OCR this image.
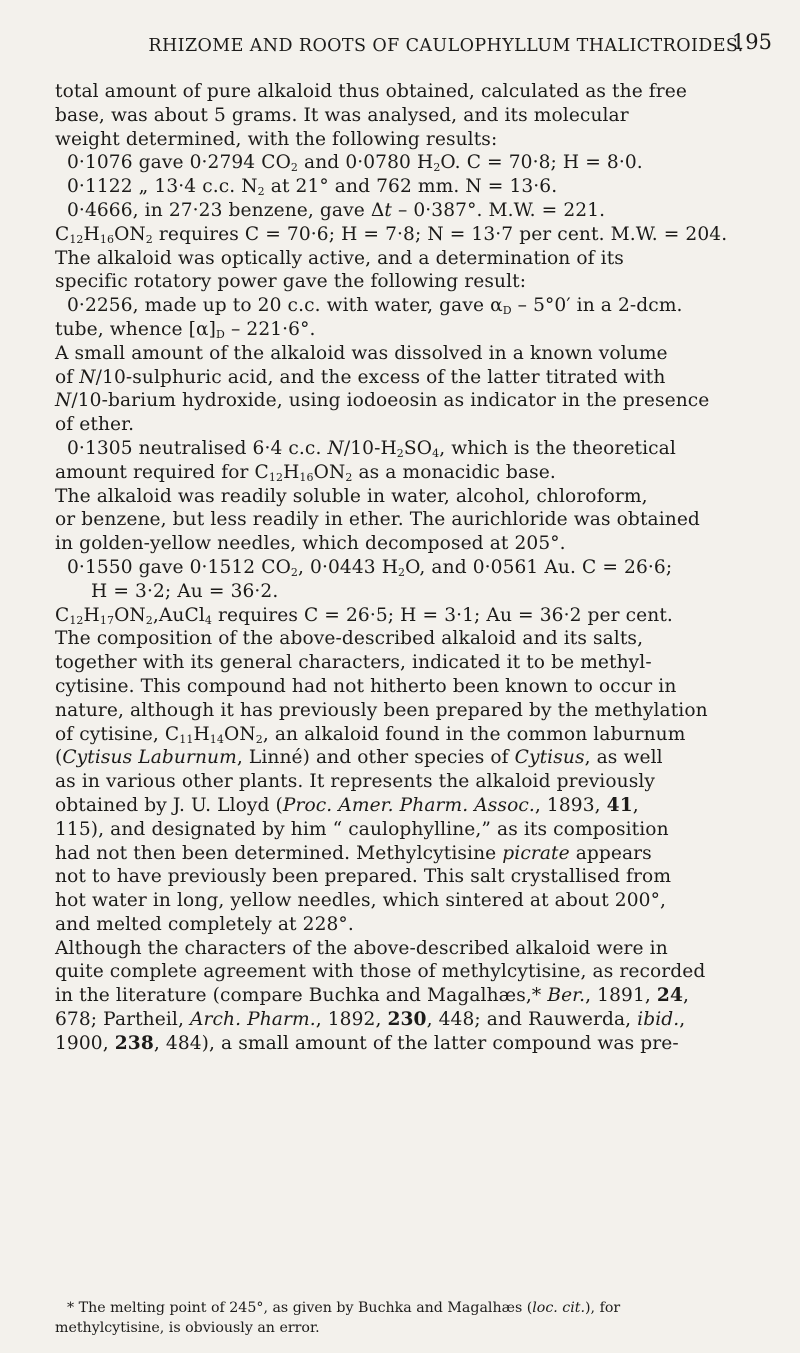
RHIZOME AND ROOTS OF CAULOPHYLLUM THALICTROIDES.
195

total amount of pure alkaloid thus obtained, calculated as the free

base, was about 5 grams. It was analysed, and its molecular

weight determined, with the following results:

0·1076 gave 0·2794 $CO_2$ and 0·0780 $H_2O$. C = 70·8; H = 8·0.

0·1122 „ 13·4 c.c. $N_2$ at 21° and 762 mm. N = 13·6.

0·4666, in 27·23 benzene, gave Δt – 0·387°. M.W. = 221.

$C_{12}H_{16}ON_2$ requires C = 70·6; H = 7·8; N = 13·7 per cent. M.W. = 204.

The alkaloid was optically active, and a determination of its

specific rotatory power gave the following result:

0·2256, made up to 20 c.c. with water, gave $\alpha_D - 5^\circ 0'$ in a 2-dcm.

tube, whence $[\alpha]_D - 221\cdot 6^\circ$.

A small amount of the alkaloid was dissolved in a known volume

of N/10-sulphuric acid, and the excess of the latter titrated with

N/10-barium hydroxide, using iodoeosin as indicator in the presence

of ether.

0·1305 neutralised 6·4 c.c. $N/10-H_2SO_4$, which is the theoretical

amount required for $C_{12}H_{16}ON_2$ as a monacidic base.

The alkaloid was readily soluble in water, alcohol, chloroform,

or benzene, but less readily in ether. The aurichloride was obtained

in golden-yellow needles, which decomposed at 205°.

0·1550 gave 0·1512 $CO_2$, 0·0443 $H_2O$, and 0·0561 Au. C = 26·6;

H = 3·2; Au = 36·2.

$C_{12}H_{17}ON_2,AuCl_4$ requires C = 26·5; H = 3·1; Au = 36·2 per cent.

The composition of the above-described alkaloid and its salts,

together with its general characters, indicated it to be methyl-

cytisine. This compound had not hitherto been known to occur in

nature, although it has previously been prepared by the methylation

of cytisine, $C_{11}H_{14}ON_2$, an alkaloid found in the common laburnum

(Cytisus Laburnum, Linné) and other species of Cytisus, as well

as in various other plants. It represents the alkaloid previously

obtained by J. U. Lloyd (Proc. Amer. Pharm. Assoc., 1893, 41,

115), and designated by him “ caulophylline,” as its composition

had not then been determined. Methylcytisine picrate appears

not to have previously been prepared. This salt crystallised from

hot water in long, yellow needles, which sintered at about 200°,

and melted completely at 228°.

Although the characters of the above-described alkaloid were in

quite complete agreement with those of methylcytisine, as recorded

in the literature (compare Buchka and Magalhæs,* Ber., 1891, 24,

678; Partheil, Arch. Pharm., 1892, 230, 448; and Rauwerda, ibid.,

1900, 238, 484), a small amount of the latter compound was pre-

* The melting point of 245°, as given by Buchka and Magalhæs (loc. cit.), for

methylcytisine, is obviously an error.
